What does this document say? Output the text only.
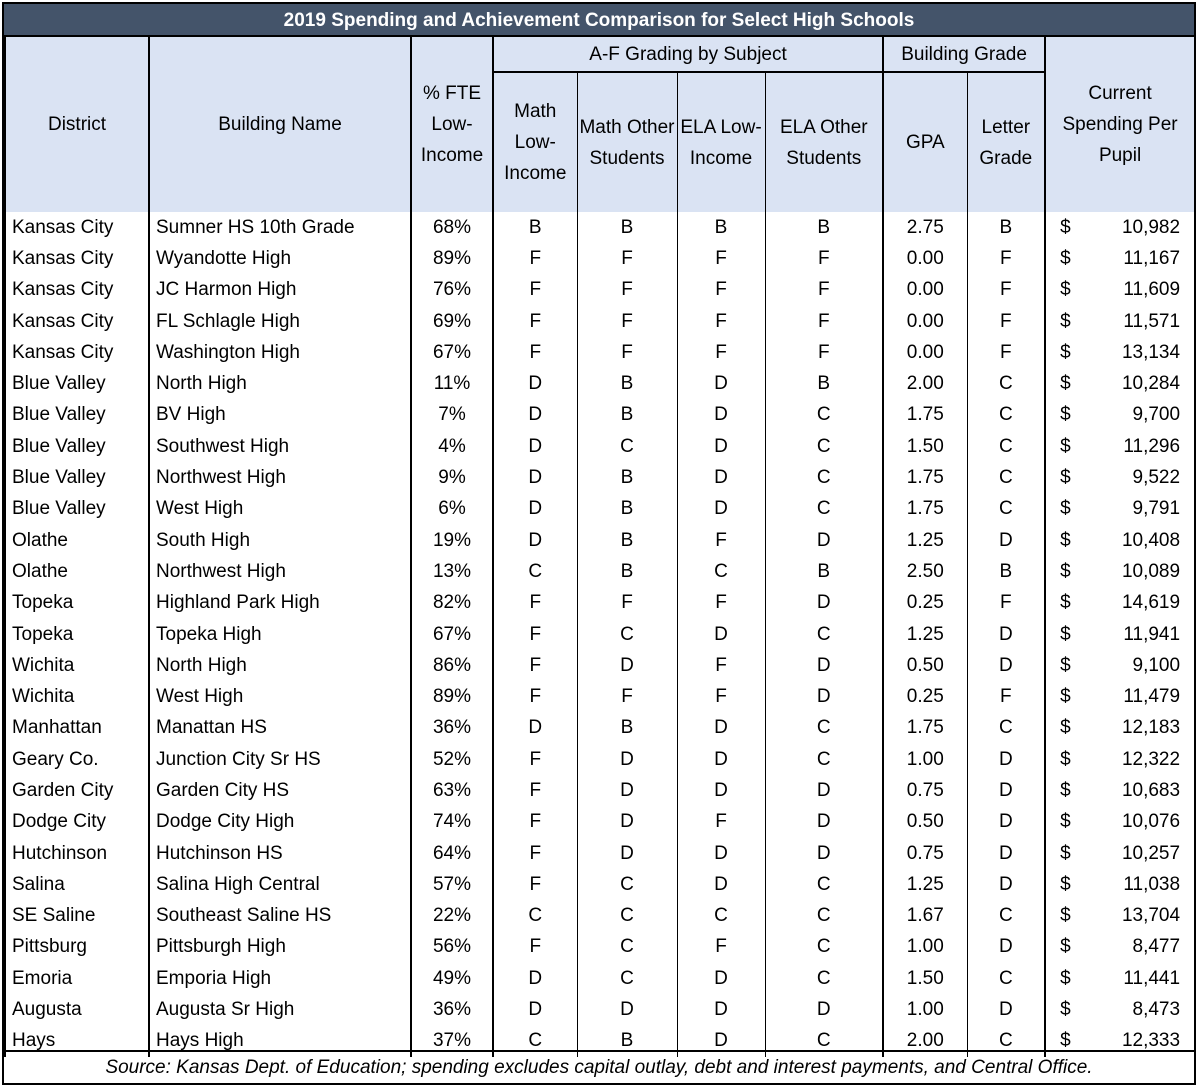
2019 Spending and Achievement Comparison for Select High Schools
District	Building Name	% FTE Low-Income	A-F Grading by Subject				Building Grade		Current Spending Per Pupil
			Math Low-Income	Math Other Students	ELA Low-Income	ELA Other Students	GPA	Letter Grade	
Kansas City	Sumner HS 10th Grade	68%	B	B	B	B	2.75	B	$ 10,982
Kansas City	Wyandotte High	89%	F	F	F	F	0.00	F	$ 11,167
Kansas City	JC Harmon High	76%	F	F	F	F	0.00	F	$ 11,609
Kansas City	FL Schlagle High	69%	F	F	F	F	0.00	F	$ 11,571
Kansas City	Washington High	67%	F	F	F	F	0.00	F	$ 13,134
Blue Valley	North High	11%	D	B	D	B	2.00	C	$ 10,284
Blue Valley	BV High	7%	D	B	D	C	1.75	C	$ 9,700
Blue Valley	Southwest High	4%	D	C	D	C	1.50	C	$ 11,296
Blue Valley	Northwest High	9%	D	B	D	C	1.75	C	$ 9,522
Blue Valley	West High	6%	D	B	D	C	1.75	C	$ 9,791
Olathe	South High	19%	D	B	F	D	1.25	D	$ 10,408
Olathe	Northwest High	13%	C	B	C	B	2.50	B	$ 10,089
Topeka	Highland Park High	82%	F	F	F	D	0.25	F	$ 14,619
Topeka	Topeka High	67%	F	C	D	C	1.25	D	$ 11,941
Wichita	North High	86%	F	D	F	D	0.50	D	$ 9,100
Wichita	West High	89%	F	F	F	D	0.25	F	$ 11,479
Manhattan	Manattan HS	36%	D	B	D	C	1.75	C	$ 12,183
Geary Co.	Junction City Sr HS	52%	F	D	D	C	1.00	D	$ 12,322
Garden City	Garden City HS	63%	F	D	D	D	0.75	D	$ 10,683
Dodge City	Dodge City High	74%	F	D	F	D	0.50	D	$ 10,076
Hutchinson	Hutchinson HS	64%	F	D	D	D	0.75	D	$ 10,257
Salina	Salina High Central	57%	F	C	D	C	1.25	D	$ 11,038
SE Saline	Southeast Saline HS	22%	C	C	C	C	1.67	C	$ 13,704
Pittsburg	Pittsburgh High	56%	F	C	F	C	1.00	D	$ 8,477
Emoria	Emporia High	49%	D	C	D	C	1.50	C	$ 11,441
Augusta	Augusta Sr High	36%	D	D	D	D	1.00	D	$ 8,473
Hays	Hays High	37%	C	B	D	C	2.00	C	$ 12,333
Source: Kansas Dept. of Education; spending excludes capital outlay, debt and interest payments, and Central Office.
